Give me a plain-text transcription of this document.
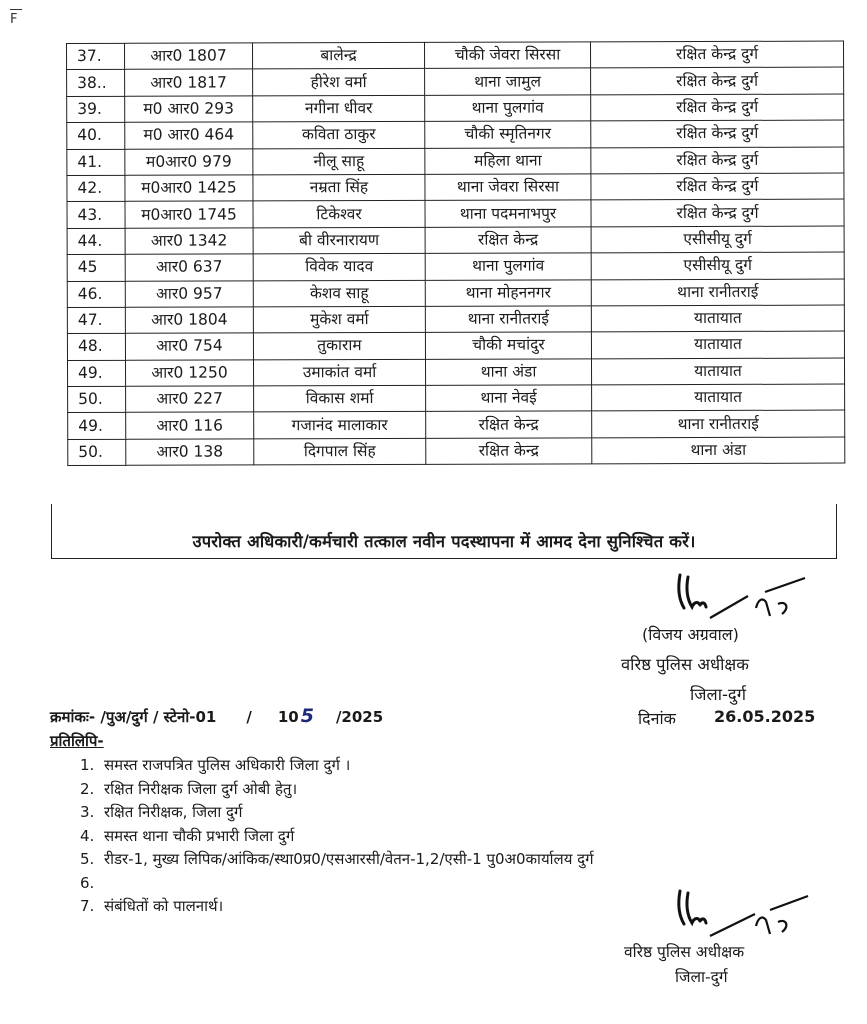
F
37.	आर0 1807	बालेन्द्र	चौकी जेवरा सिरसा	रक्षित केन्द्र दुर्ग
38..	आर0 1817	हीरेश वर्मा	थाना जामुल	रक्षित केन्द्र दुर्ग
39.	म0 आर0 293	नगीना धीवर	थाना पुलगांव	रक्षित केन्द्र दुर्ग
40.	म0 आर0 464	कविता ठाकुर	चौकी स्मृतिनगर	रक्षित केन्द्र दुर्ग
41.	म0आर0 979	नीलू साहू	महिला थाना	रक्षित केन्द्र दुर्ग
42.	म0आर0 1425	नम्रता सिंह	थाना जेवरा सिरसा	रक्षित केन्द्र दुर्ग
43.	म0आर0 1745	टिकेश्वर	थाना पदमनाभपुर	रक्षित केन्द्र दुर्ग
44.	आर0 1342	बी वीरनारायण	रक्षित केन्द्र	एसीसीयू दुर्ग
45	आर0 637	विवेक यादव	थाना पुलगांव	एसीसीयू दुर्ग
46.	आर0 957	केशव साहू	थाना मोहननगर	थाना रानीतराई
47.	आर0 1804	मुकेश वर्मा	थाना रानीतराई	यातायात
48.	आर0 754	तुकाराम	चौकी मचांदुर	यातायात
49.	आर0 1250	उमाकांत वर्मा	थाना अंडा	यातायात
50.	आर0 227	विकास शर्मा	थाना नेवई	यातायात
49.	आर0 116	गजानंद मालाकार	रक्षित केन्द्र	थाना रानीतराई
50.	आर0 138	दिगपाल सिंह	रक्षित केन्द्र	थाना अंडा
उपरोक्त अधिकारी/कर्मचारी तत्काल नवीन पदस्थापना में आमद देना सुनिश्चित करें।
(विजय अग्रवाल)
वरिष्ठ पुलिस अधीक्षक
जिला-दुर्ग
दिनांक 26.05.2025
क्रमांकः- /पुअ/दुर्ग / स्टेनो-01 / 10 5 /2025
प्रतिलिपि-
1. समस्त राजपत्रित पुलिस अधिकारी जिला दुर्ग ।
2. रक्षित निरीक्षक जिला दुर्ग ओबी हेतु।
3. रक्षित निरीक्षक, जिला दुर्ग
4. समस्त थाना चौकी प्रभारी जिला दुर्ग
5. रीडर-1, मुख्य लिपिक/आंकिक/स्था0प्र0/एसआरसी/वेतन-1,2/एसी-1 पु0अ0कार्यालय दुर्ग
6.
7. संबंधितों को पालनार्थ।
वरिष्ठ पुलिस अधीक्षक
जिला-दुर्ग
